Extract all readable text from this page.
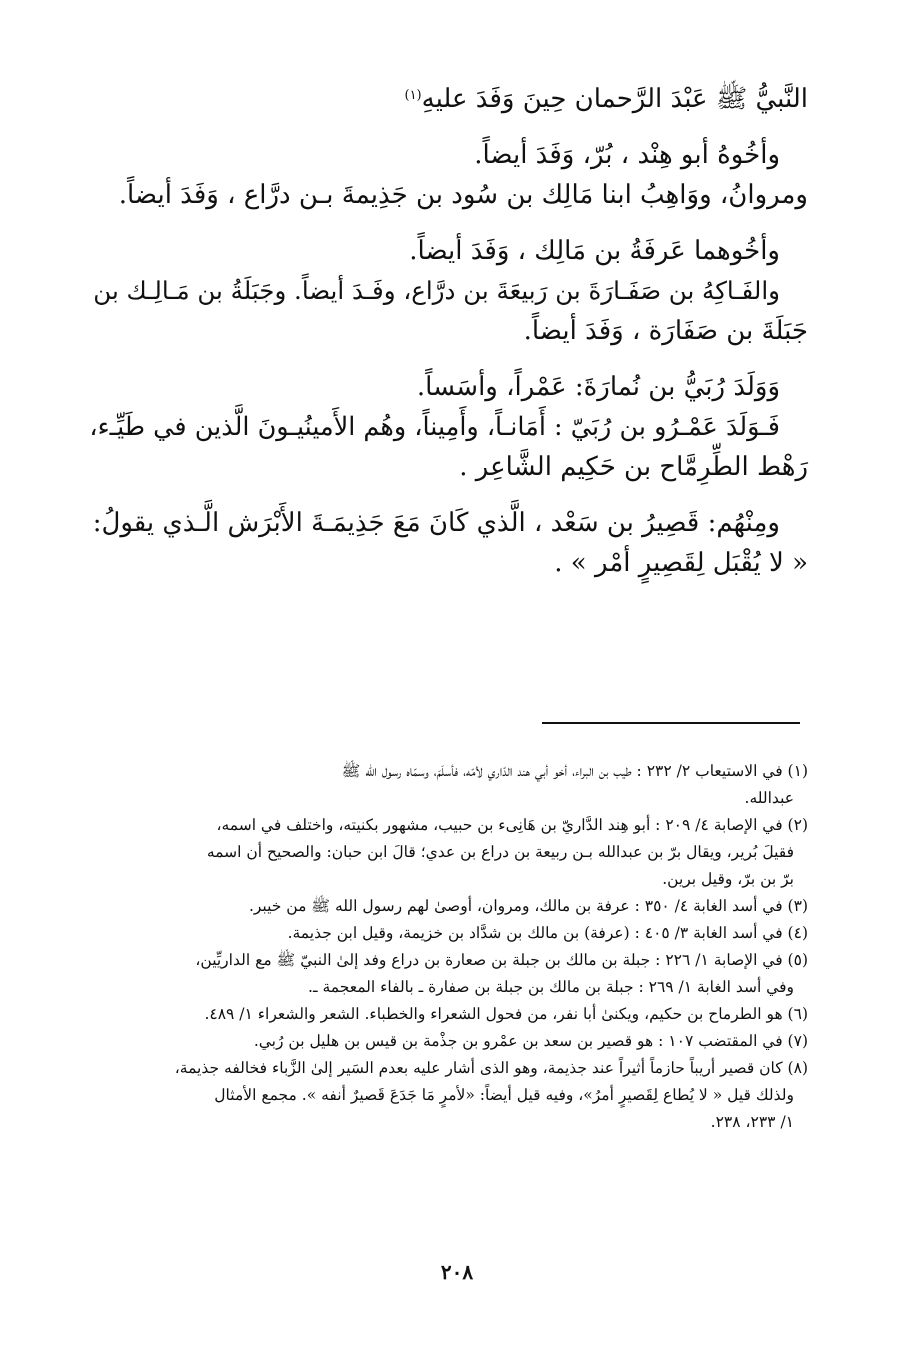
النَّبيُّ ﷺ عَبْدَ الرَّحمان حِينَ وَفَدَ عليهِ$^{(١)}$
وأخُوهُ أبو هِنْد ، بُرّ، وَفَدَ أيضاً.
ومروانُ، ووَاهِبُ ابنا مَالِك بن سُود بن جَذِيمةَ بـن درَّاع ، وَفَدَ أيضاً.
وأخُوهما عَرفَةُ بن مَالِك ، وَفَدَ أيضاً.
والفَـاكِهُ بن صَفَـارَةَ بن رَبيعَةَ بن درَّاع، وفَـدَ أيضاً. وجَبَلَةُ بن مَـالِـك بن
جَبَلَةَ بن صَفَارَة ، وَفَدَ أيضاً.
وَوَلَدَ رُبَيُّ بن نُمارَةَ: عَمْراً، وأسَساً.
فَـوَلَدَ عَمْـرُو بن رُبَيّ : أَمَانـاً، وأَمِيناً، وهُم الأَمينُيـونَ الَّذين في طَيِّـء،
رَهْط الطِّرِمَّاح بن حَكِيم الشَّاعِر .
ومِنْهُم: قَصِيرُ بن سَعْد ، الَّذي كَانَ مَعَ جَذِيمَـةَ الأَبْرَش الَّـذي يقولُ:
« لا يُقْبَل لِقَصِيرٍ أمْر » .
(١) في الاستيعاب ٢/ ٢٣٢ : طيب بن البراء، أخو أبي هند الدّاري لأمّه، فأسلَمَ، وسمّاه رسول الله ﷺ
عبدالله.
(٢) في الإصابة ٤/ ٢٠٩ : أبو هِند الدَّاريّ بن هَانِىء بن حبيب، مشهور بكنيته، واختلف في اسمه،
فقيلَ بُرير، ويقال برّ بن عبدالله بـن ربيعة بن دراع بن عدي؛ قالَ ابن حبان: والصحيح أن اسمه
برّ بن برّ، وقيل برين.
(٣) في أسد الغابة ٤/ ٣٥٠ : عرفة بن مالك، ومروان، أوصىٰ لهم رسول الله ﷺ من خيبر.
(٤) في أسد الغابة ٣/ ٤٠٥ : (عرفة) بن مالك بن شدَّاد بن خزيمة، وقيل ابن جذيمة.
(٥) في الإصابة ١/ ٢٢٦ : جبلة بن مالك بن جبلة بن صعارة بن دراع وفد إلىٰ النبيّ ﷺ مع الداريِّين،
وفي أسد الغابة ١/ ٢٦٩ : جبلة بن مالك بن جبلة بن صفارة ـ بالفاء المعجمة ـ.
(٦) هو الطرماح بن حكيم، ويكنىٰ أبا نفر، من فحول الشعراء والخطباء. الشعر والشعراء ١/ ٤٨٩.
(٧) في المقتضب ١٠٧ : هو قصير بن سعد بن عمْرو بن جذْمة بن قيس بن هليل بن رُبي.
(٨) كان قصير أريباً حازماً أثيراً عند جذيمة، وهو الذى أشار عليه بعدم السَير إلىٰ الزَّباء فخالفه جذيمة،
ولذلك قيل « لا يُطاع لِقَصيرٍ أمرُ»، وفيه قيل أيضاً: «لأمرٍ مَا جَدَعَ قَصيرٌ أنفه ». مجمع الأمثال
١/ ٢٣٣، ٢٣٨.
٢٠٨
